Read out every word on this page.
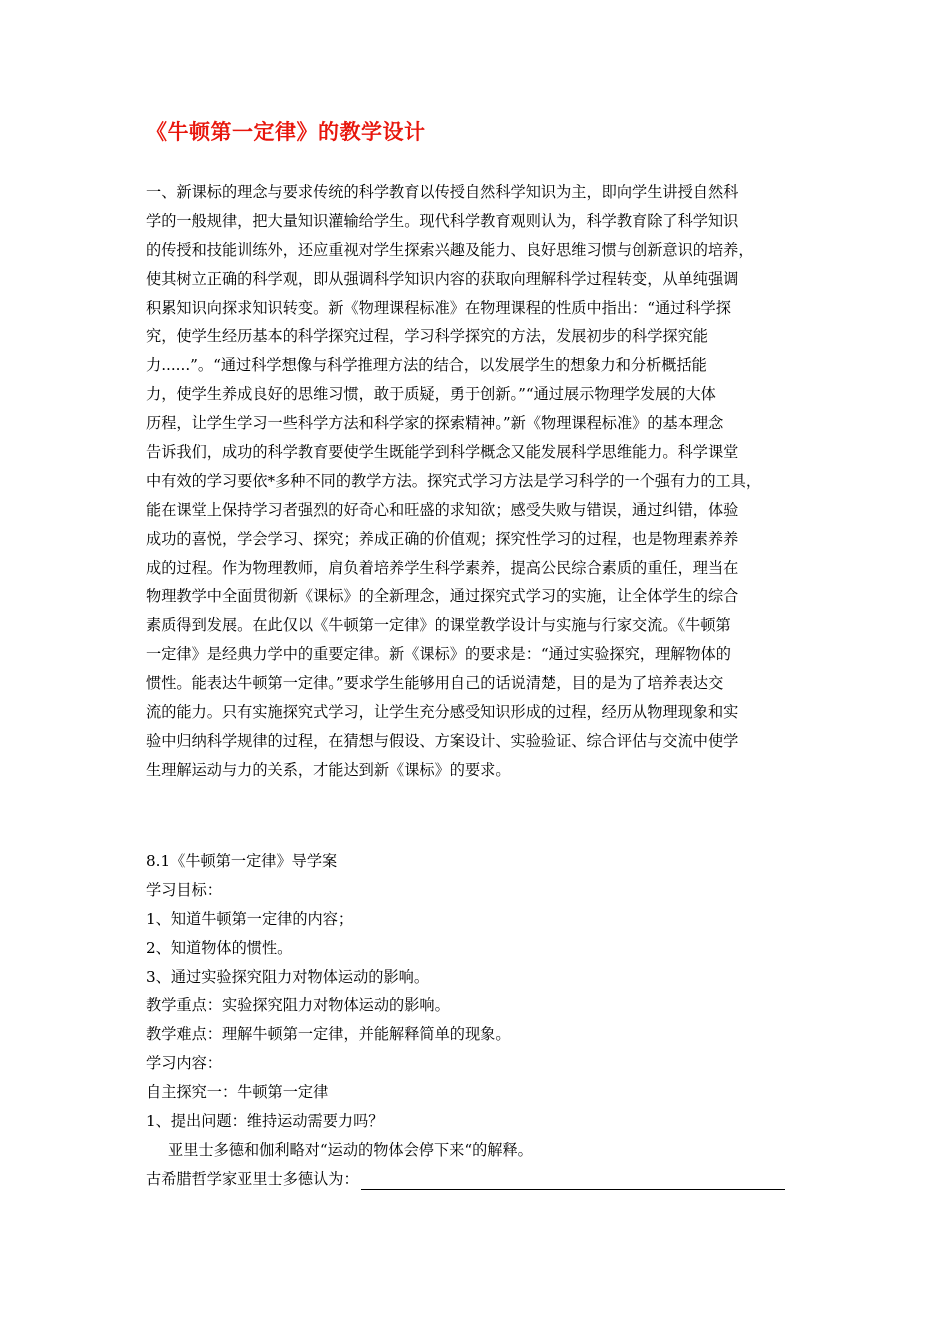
《牛顿第一定律》的教学设计
一、新课标的理念与要求传统的科学教育以传授自然科学知识为主，即向学生讲授自然科
学的一般规律，把大量知识灌输给学生。现代科学教育观则认为，科学教育除了科学知识
的传授和技能训练外，还应重视对学生探索兴趣及能力、良好思维习惯与创新意识的培养，
使其树立正确的科学观，即从强调科学知识内容的获取向理解科学过程转变，从单纯强调
积累知识向探求知识转变。新《物理课程标准》在物理课程的性质中指出：“通过科学探
究，使学生经历基本的科学探究过程，学习科学探究的方法，发展初步的科学探究能
力......”。“通过科学想像与科学推理方法的结合，以发展学生的想象力和分析概括能
力，使学生养成良好的思维习惯，敢于质疑，勇于创新。”“通过展示物理学发展的大体
历程，让学生学习一些科学方法和科学家的探索精神。”新《物理课程标准》的基本理念
告诉我们，成功的科学教育要使学生既能学到科学概念又能发展科学思维能力。科学课堂
中有效的学习要依*多种不同的教学方法。探究式学习方法是学习科学的一个强有力的工具，
能在课堂上保持学习者强烈的好奇心和旺盛的求知欲；感受失败与错误，通过纠错，体验
成功的喜悦，学会学习、探究；养成正确的价值观；探究性学习的过程，也是物理素养养
成的过程。作为物理教师，肩负着培养学生科学素养，提高公民综合素质的重任，理当在
物理教学中全面贯彻新《课标》的全新理念，通过探究式学习的实施，让全体学生的综合
素质得到发展。在此仅以《牛顿第一定律》的课堂教学设计与实施与行家交流。《牛顿第
一定律》是经典力学中的重要定律。新《课标》的要求是：“通过实验探究，理解物体的
惯性。能表达牛顿第一定律。”要求学生能够用自己的话说清楚，目的是为了培养表达交
流的能力。只有实施探究式学习，让学生充分感受知识形成的过程，经历从物理现象和实
验中归纳科学规律的过程，在猜想与假设、方案设计、实验验证、综合评估与交流中使学
生理解运动与力的关系，才能达到新《课标》的要求。
8.1《牛顿第一定律》导学案
学习目标：
1、知道牛顿第一定律的内容；
2、知道物体的惯性。
3、通过实验探究阻力对物体运动的影响。
教学重点：实验探究阻力对物体运动的影响。
教学难点：理解牛顿第一定律，并能解释简单的现象。
学习内容：
自主探究一：牛顿第一定律
1、提出问题：维持运动需要力吗？
亚里士多德和伽利略对“运动的物体会停下来“的解释。
古希腊哲学家亚里士多德认为：
